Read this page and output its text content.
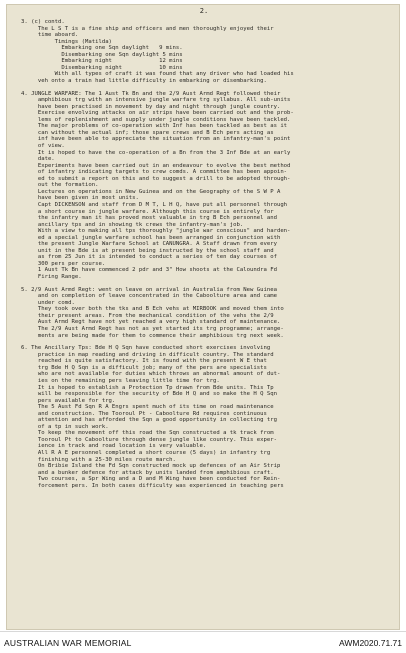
2.
3. (c) contd.
The L S T is a fine ship and officers and men thoroughly enjoyed their
time aboard.
Timings (Matilda)
Embarking one Sqn daylight   9 mins.
Disembarking one Sqn daylight 5 mins
Embarking night              12 mins
Disembarking night           10 mins
With all types of craft it was found that any driver who had loaded his
veh onto a train had little difficulty in embarking or disembarking.
4. JUNGLE WARFARE: The 1 Aust Tk Bn and the 2/9 Aust Armd Regt followed their
amphibious trg with an intensive jungle warfare trg syllabus. All sub-units
have been practised in movement by day and night through jungle country.
Exercise envolving attacks on air strips have been carried out and the prob-
lems of replenishment and supply under jungle conditions have been tackled.
The major problems of co-operation with Inf has been tackled as best as it
can without the actual inf; those spare crews and B Ech pers acting as
inf have been able to appreciate the situation from an infantry-man's point
of view.
It is hoped to have the co-operation of a Bn from the 3 Inf Bde at an early
date.
Experiments have been carried out in an endeavour to evolve the best method
of infantry indicating targets to crew comds. A committee has been appoin-
ed to submit a report on this and to suggest a drill to be adopted through-
out the formation.
Lectures on operations in New Guinea and on the Geography of the S W P A
have been given in most units.
Capt DICKENSON and staff from D M T, L H Q, have put all personnel through
a short course in jungle warfare. Although this course is entirely for
the infantry man it has proved most valuable in trg B Ech personnel and
ancillary tps and in showing tk crews the infantry-man's job.
With a view to making all tps thoroughly "jungle war conscious" and harden-
ed a special jungle warfare school has been arranged in conjunction with
the present Jungle Warfare School at CANUNGRA. A Staff drawn from every
unit in the Bde is at present being instructed by the school staff and
as from 25 Jun it is intended to conduct a series of ten day courses of
300 pers per course.
1 Aust Tk Bn have commenced 2 pdr and 3" How shoots at the Caloundra Fd
Firing Range.
5. 2/9 Aust Armd Regt: went on leave on arrival in Australia from New Guinea
and on completion of leave concentrated in the Caboolture area and came
under comd.
They took over both the tks and B Ech vehs at MIRBOOK and moved them into
their present areas. From the mechanical condition of the vehs the 2/9
Aust Armd Regt have not yet reached a very high standard of maintenance.
The 2/9 Aust Armd Regt has not as yet started its trg programme; arrange-
ments are being made for them to commence their amphibious trg next week.
6. The Ancillary Tps: Bde H Q Sqn have conducted short exercises involving
practice in map reading and driving in difficult country. The standard
reached is quite satisfactory. It is found with the present W E that
trg Bde H Q Sqn is a difficult job; many of the pers are specialists
who are not available for duties which throws an abnormal amount of dut-
ies on the remaining pers leaving little time for trg.
It is hoped to establish a Protection Tp drawn from Bde units. This Tp
will be responsible for the security of Bde H Q and so make the H Q Sqn
pers available for trg.
The 5 Aust Fd Sqn R A Engrs spent much of its time on road maintenance
and construction. The Tooroul Pt - Caboolture Rd requires continuous
attention and has afforded the Sqn a good opportunity in collecting trg
of a tp in such work.
To keep the movement off this road the Sqn constructed a tk track from
Tooroul Pt to Caboolture through dense jungle like country. This exper-
ience in track and road location is very valuable.
All R A E personnel completed a short course (5 days) in infantry trg
finishing with a 25-30 miles route march.
On Bribie Island the Fd Sqn constructed mock up defences of an Air Strip
and a bunker defence for attack by units landed from amphibious craft.
Two courses, a Spr Wing and a D and M Wing have been conducted for Rein-
forcement pers. In both cases difficulty was experienced in teaching pers
AUSTRALIAN WAR MEMORIAL	AWM2020.71.71
